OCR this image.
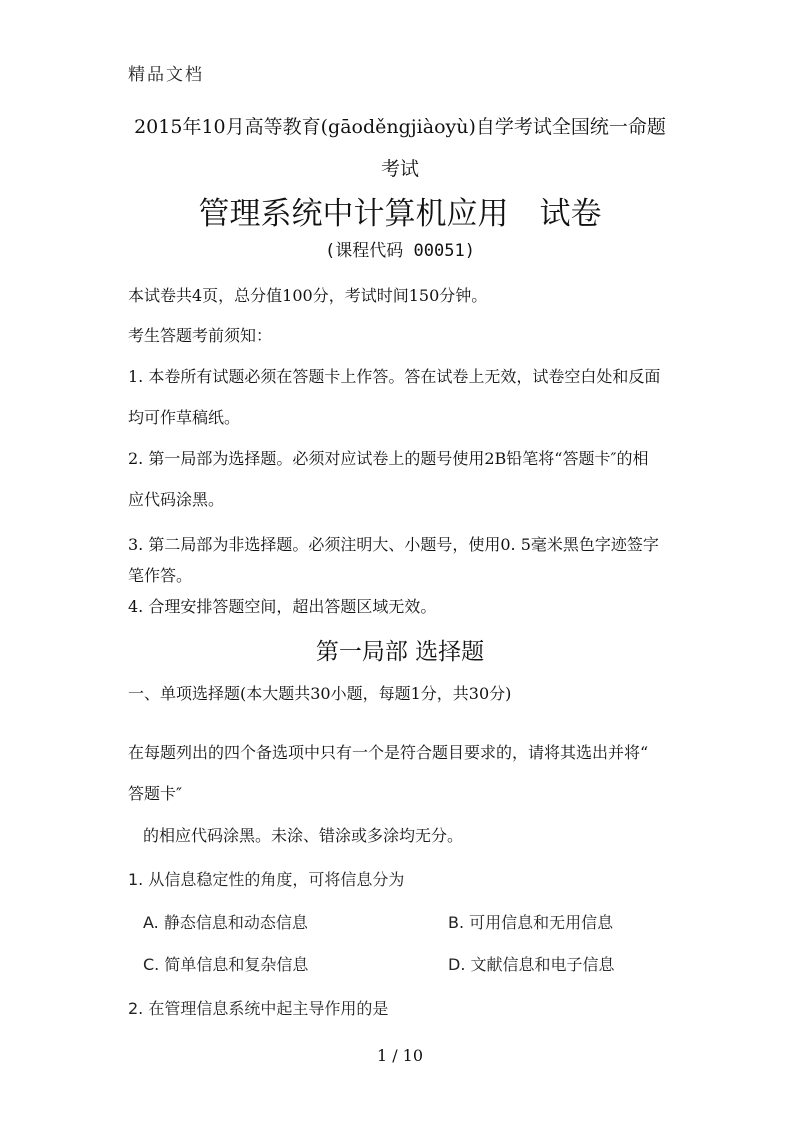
精品文档

2015年10月高等教育(gāoděngjiàoyù)自学考试全国统一命题

考试

管理系统中计算机应用　试卷

(课程代码 00051)

本试卷共4页，总分值100分，考试时间150分钟。

考生答题考前须知：

1. 本卷所有试题必须在答题卡上作答。答在试卷上无效，试卷空白处和反面

均可作草稿纸。

2. 第一局部为选择题。必须对应试卷上的题号使用2B铅笔将“答题卡″的相

应代码涂黑。

3. 第二局部为非选择题。必须注明大、小题号，使用0. 5毫米黑色字迹签字

笔作答。

4. 合理安排答题空间，超出答题区域无效。

第一局部 选择题

一、单项选择题(本大题共30小题，每题1分，共30分)

在每题列出的四个备选项中只有一个是符合题目要求的，请将其选出并将“

答题卡″

的相应代码涂黑。未涂、错涂或多涂均无分。

1. 从信息稳定性的角度，可将信息分为

A. 静态信息和动态信息	B. 可用信息和无用信息

C. 简单信息和复杂信息	D. 文献信息和电子信息

2. 在管理信息系统中起主导作用的是

1 / 10
